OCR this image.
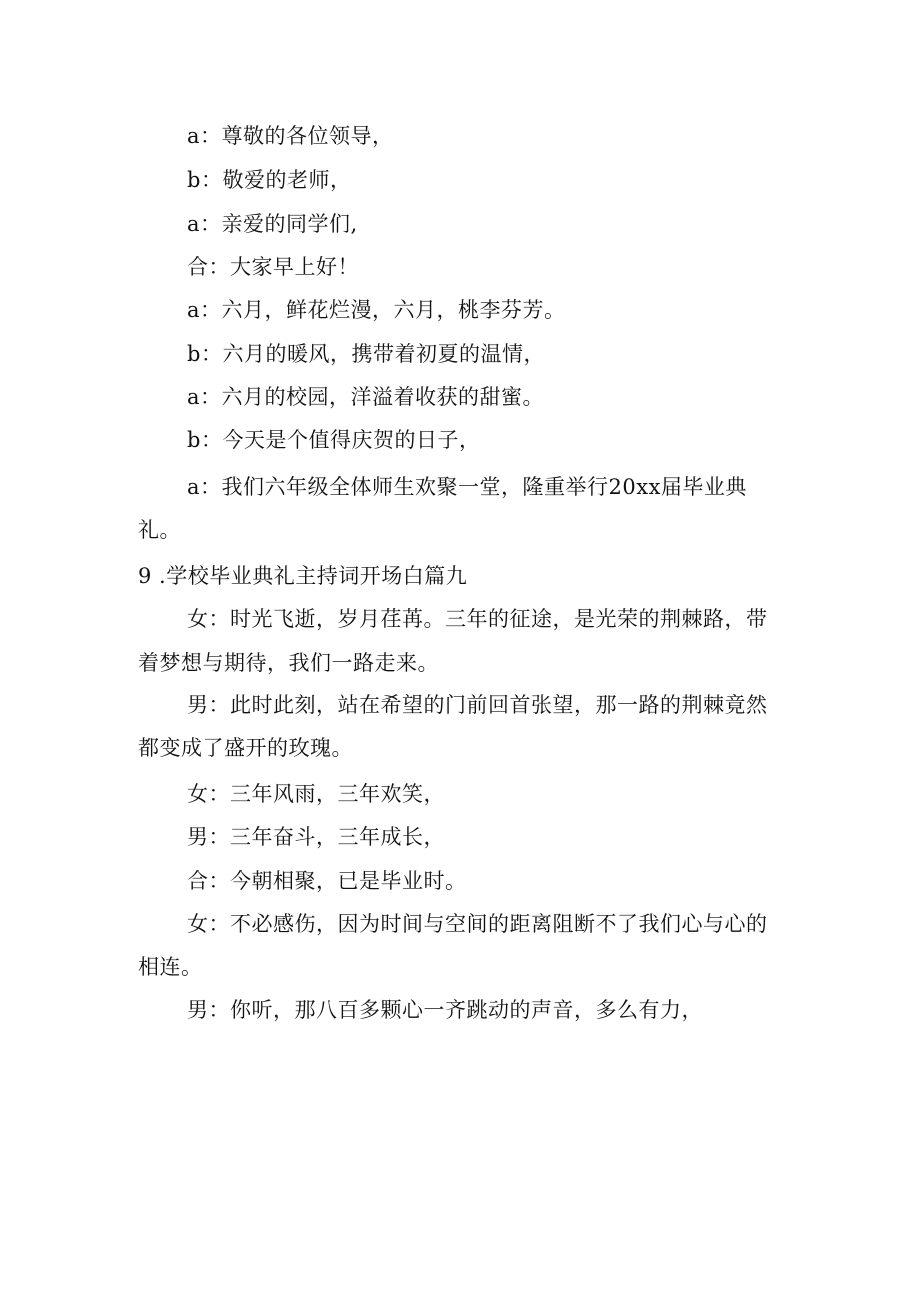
a：尊敬的各位领导，
b：敬爱的老师，
a：亲爱的同学们,
合：大家早上好！
a：六月，鲜花烂漫，六月，桃李芬芳。
b：六月的暖风，携带着初夏的温情，
a：六月的校园，洋溢着收获的甜蜜。
b：今天是个值得庆贺的日子，
a：我们六年级全体师生欢聚一堂，隆重举行20xx届毕业典
礼。
9 .学校毕业典礼主持词开场白篇九
女：时光飞逝，岁月荏苒。三年的征途，是光荣的荆棘路，带
着梦想与期待，我们一路走来。
男：此时此刻，站在希望的门前回首张望，那一路的荆棘竟然
都变成了盛开的玫瑰。
女：三年风雨，三年欢笑，
男：三年奋斗，三年成长，
合：今朝相聚，已是毕业时。
女：不必感伤，因为时间与空间的距离阻断不了我们心与心的
相连。
男：你听，那八百多颗心一齐跳动的声音，多么有力，
